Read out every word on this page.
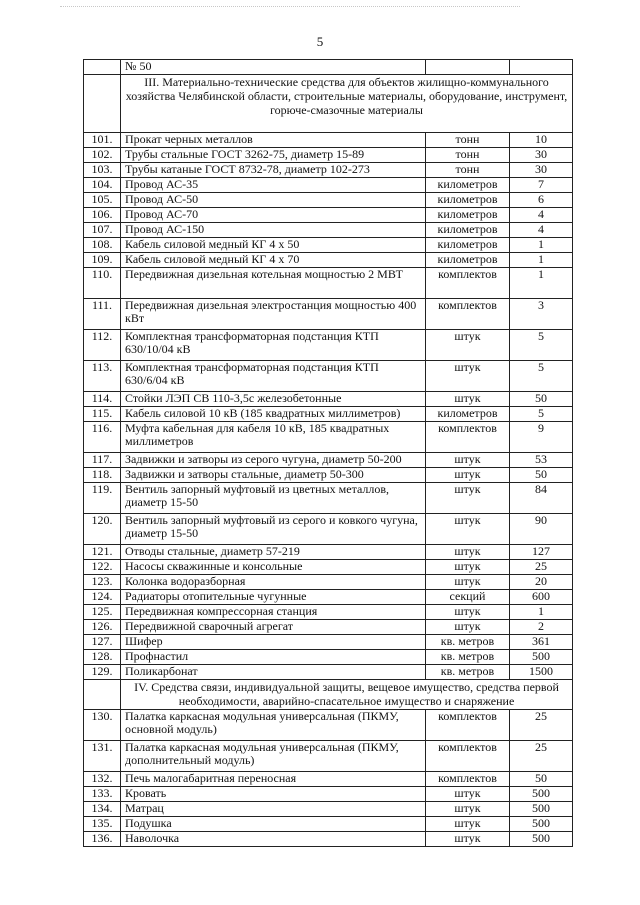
5
	№ 50		
	III. Материально-технические средства для объектов жилищно-коммунального хозяйства Челябинской области, строительные материалы, оборудование, инструмент, горюче-смазочные материалы		
101.	Прокат черных металлов	тонн	10
102.	Трубы стальные ГОСТ 3262-75, диаметр 15-89	тонн	30
103.	Трубы катаные ГОСТ 8732-78, диаметр 102-273	тонн	30
104.	Провод АС-35	километров	7
105.	Провод АС-50	километров	6
106.	Провод АС-70	километров	4
107.	Провод АС-150	километров	4
108.	Кабель силовой медный КГ 4 х 50	километров	1
109.	Кабель силовой медный КГ 4 х 70	километров	1
110.	Передвижная дизельная котельная мощностью 2 МВТ	комплектов	1
111.	Передвижная дизельная электростанция мощностью 400 кВт	комплектов	3
112.	Комплектная трансформаторная подстанция КТП 630/10/04 кВ	штук	5
113.	Комплектная трансформаторная подстанция КТП 630/6/04 кВ	штук	5
114.	Стойки ЛЭП СВ 110-3,5с железобетонные	штук	50
115.	Кабель силовой 10 кВ (185 квадратных миллиметров)	километров	5
116.	Муфта кабельная для кабеля 10 кВ, 185 квадратных миллиметров	комплектов	9
117.	Задвижки и затворы из серого чугуна, диаметр 50-200	штук	53
118.	Задвижки и затворы стальные, диаметр 50-300	штук	50
119.	Вентиль запорный муфтовый из цветных металлов, диаметр 15-50	штук	84
120.	Вентиль запорный муфтовый из серого и ковкого чугуна, диаметр 15-50	штук	90
121.	Отводы стальные, диаметр 57-219	штук	127
122.	Насосы скважинные и консольные	штук	25
123.	Колонка водоразборная	штук	20
124.	Радиаторы отопительные чугунные	секций	600
125.	Передвижная компрессорная станция	штук	1
126.	Передвижной сварочный агрегат	штук	2
127.	Шифер	кв. метров	361
128.	Профнастил	кв. метров	500
129.	Поликарбонат	кв. метров	1500
	IV. Средства связи, индивидуальной защиты, вещевое имущество, средства первой необходимости, аварийно-спасательное имущество и снаряжение		
130.	Палатка каркасная модульная универсальная (ПКМУ, основной модуль)	комплектов	25
131.	Палатка каркасная модульная универсальная (ПКМУ, дополнительный модуль)	комплектов	25
132.	Печь малогабаритная переносная	комплектов	50
133.	Кровать	штук	500
134.	Матрац	штук	500
135.	Подушка	штук	500
136.	Наволочка	штук	500
